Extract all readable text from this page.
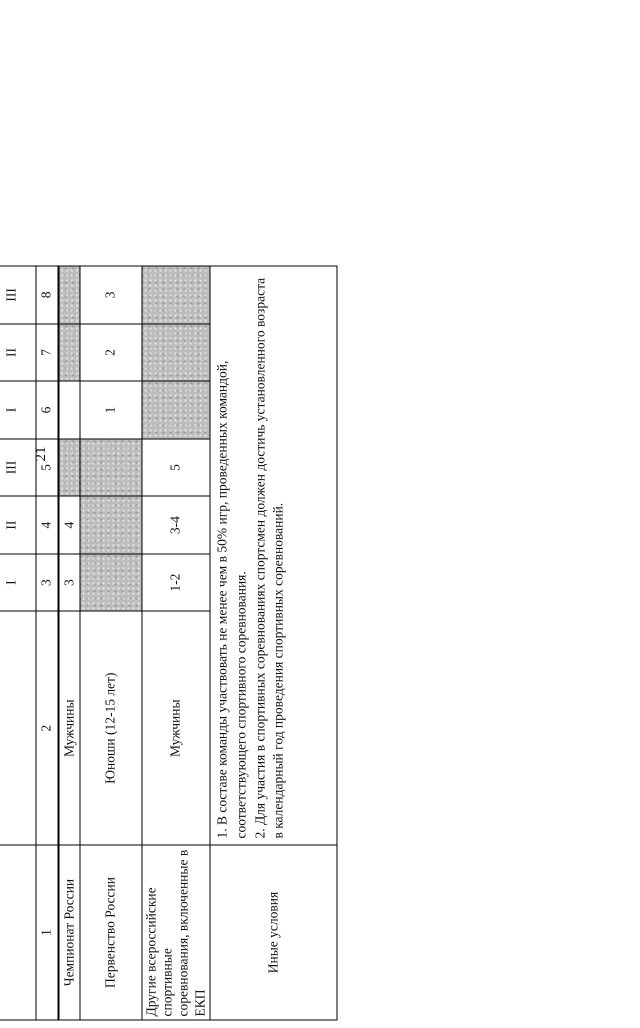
21

		I	II	III	I	II	III
1	2	3	4	5	6	7	8
Чемпионат России	Мужчины	3	4				
Первенство России	Юноши (12-15 лет)				1	2	3

Другие всероссийские спортивные соревнования, включенные в ЕКП	Мужчины	1-2	3-4	5			
Иные условия	1. В составе команды участвовать не менее чем в 50% игр, проведенных командой, соответствующего спортивного соревнования. 2. Для участия в спортивных соревнованиях спортсмен должен достичь установленного возраста в календарный год проведения спортивных соревнований.						
